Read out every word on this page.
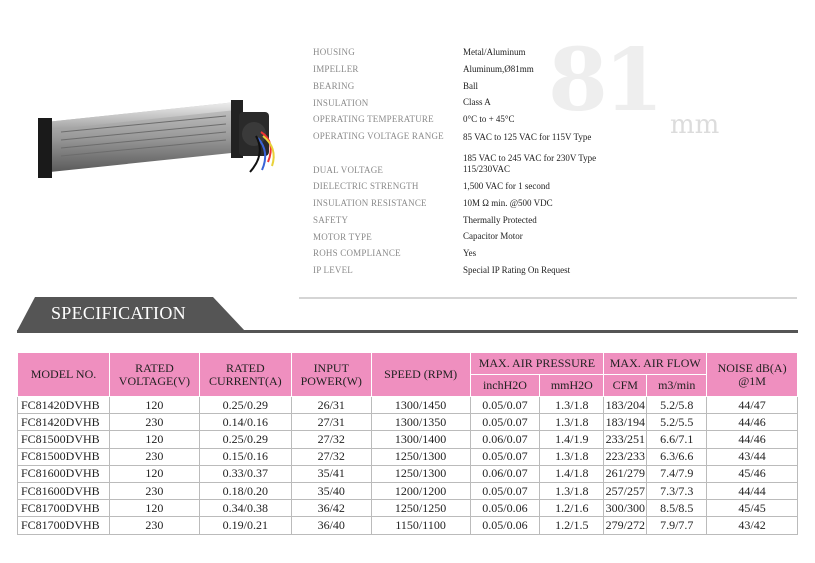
HOUSING	Metal/Aluminum
IMPELLER	Aluminum,Ø81mm
BEARING	Ball
INSULATION	Class A
OPERATING TEMPERATURE	0°C to + 45°C
OPERATING VOLTAGE RANGE	85 VAC to 125 VAC for 115V Type
185 VAC to 245 VAC for 230V Type
DUAL VOLTAGE	115/230VAC
DIELECTRIC STRENGTH	1,500 VAC for 1 second
INSULATION RESISTANCE	10M Ω min. @500 VDC
SAFETY	Thermally Protected
MOTOR TYPE	Capacitor Motor
ROHS COMPLIANCE	Yes
IP LEVEL	Special IP Rating On Request
81 mm
SPECIFICATION
MODEL NO.	RATED VOLTAGE(V)	RATED CURRENT(A)	INPUT POWER(W)	SPEED (RPM)	MAX. AIR PRESSURE		MAX. AIR FLOW		NOISE dB(A) @1M
					inchH2O	mmH2O	CFM	m3/min	
FC81420DVHB	120	0.25/0.29	26/31	1300/1450	0.05/0.07	1.3/1.8	183/204	5.2/5.8	44/47
FC81420DVHB	230	0.14/0.16	27/31	1300/1350	0.05/0.07	1.3/1.8	183/194	5.2/5.5	44/46
FC81500DVHB	120	0.25/0.29	27/32	1300/1400	0.06/0.07	1.4/1.9	233/251	6.6/7.1	44/46
FC81500DVHB	230	0.15/0.16	27/32	1250/1300	0.05/0.07	1.3/1.8	223/233	6.3/6.6	43/44
FC81600DVHB	120	0.33/0.37	35/41	1250/1300	0.06/0.07	1.4/1.8	261/279	7.4/7.9	45/46
FC81600DVHB	230	0.18/0.20	35/40	1200/1200	0.05/0.07	1.3/1.8	257/257	7.3/7.3	44/44
FC81700DVHB	120	0.34/0.38	36/42	1250/1250	0.05/0.06	1.2/1.6	300/300	8.5/8.5	45/45
FC81700DVHB	230	0.19/0.21	36/40	1150/1100	0.05/0.06	1.2/1.5	279/272	7.9/7.7	43/42
